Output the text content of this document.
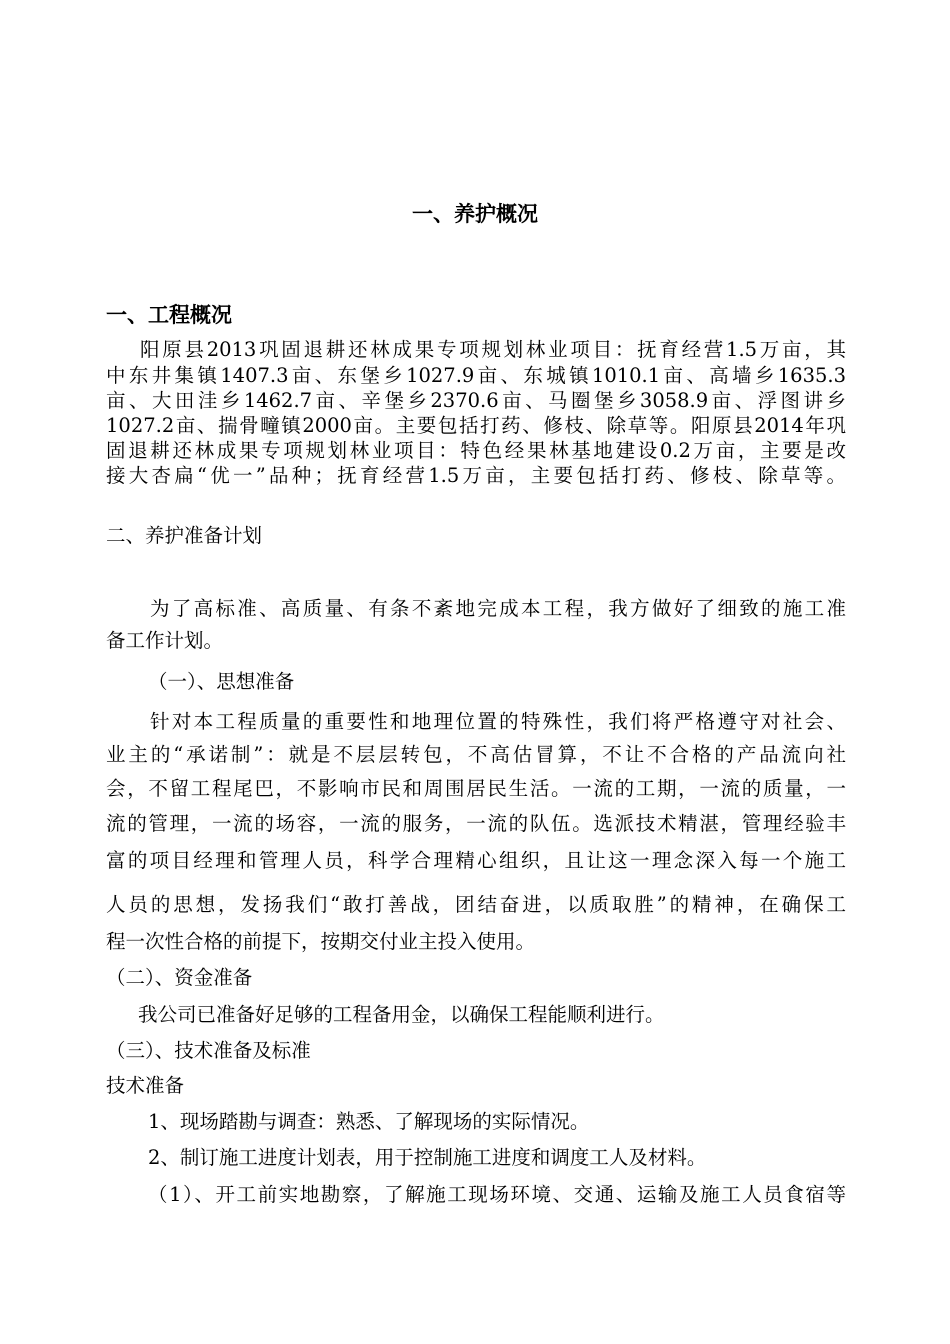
一、养护概况
一、工程概况
阳原县2013巩固退耕还林成果专项规划林业项目：抚育经营1.5万亩，其
中东井集镇1407.3亩、东堡乡1027.9亩、东城镇1010.1亩、高墙乡1635.3
亩、大田洼乡1462.7亩、辛堡乡2370.6亩、马圈堡乡3058.9亩、浮图讲乡
1027.2亩、揣骨疃镇2000亩。主要包括打药、修枝、除草等。阳原县2014年巩
固退耕还林成果专项规划林业项目：特色经果林基地建设0.2万亩，主要是改
接大杏扁“优一”品种；抚育经营1.5万亩，主要包括打药、修枝、除草等。
二、养护准备计划
为了高标准、高质量、有条不紊地完成本工程，我方做好了细致的施工准
备工作计划。
（一）、思想准备
针对本工程质量的重要性和地理位置的特殊性，我们将严格遵守对社会、
业主的“承诺制”：就是不层层转包，不高估冒算，不让不合格的产品流向社
会，不留工程尾巴，不影响市民和周围居民生活。一流的工期，一流的质量，一
流的管理，一流的场容，一流的服务，一流的队伍。选派技术精湛，管理经验丰
富的项目经理和管理人员，科学合理精心组织，且让这一理念深入每一个施工
人员的思想，发扬我们“敢打善战，团结奋进，以质取胜”的精神，在确保工
程一次性合格的前提下，按期交付业主投入使用。
（二）、资金准备
我公司已准备好足够的工程备用金，以确保工程能顺利进行。
（三）、技术准备及标准
技术准备
1、现场踏勘与调查：熟悉、了解现场的实际情况。
2、制订施工进度计划表，用于控制施工进度和调度工人及材料。
（1）、开工前实地勘察，了解施工现场环境、交通、运输及施工人员食宿等
